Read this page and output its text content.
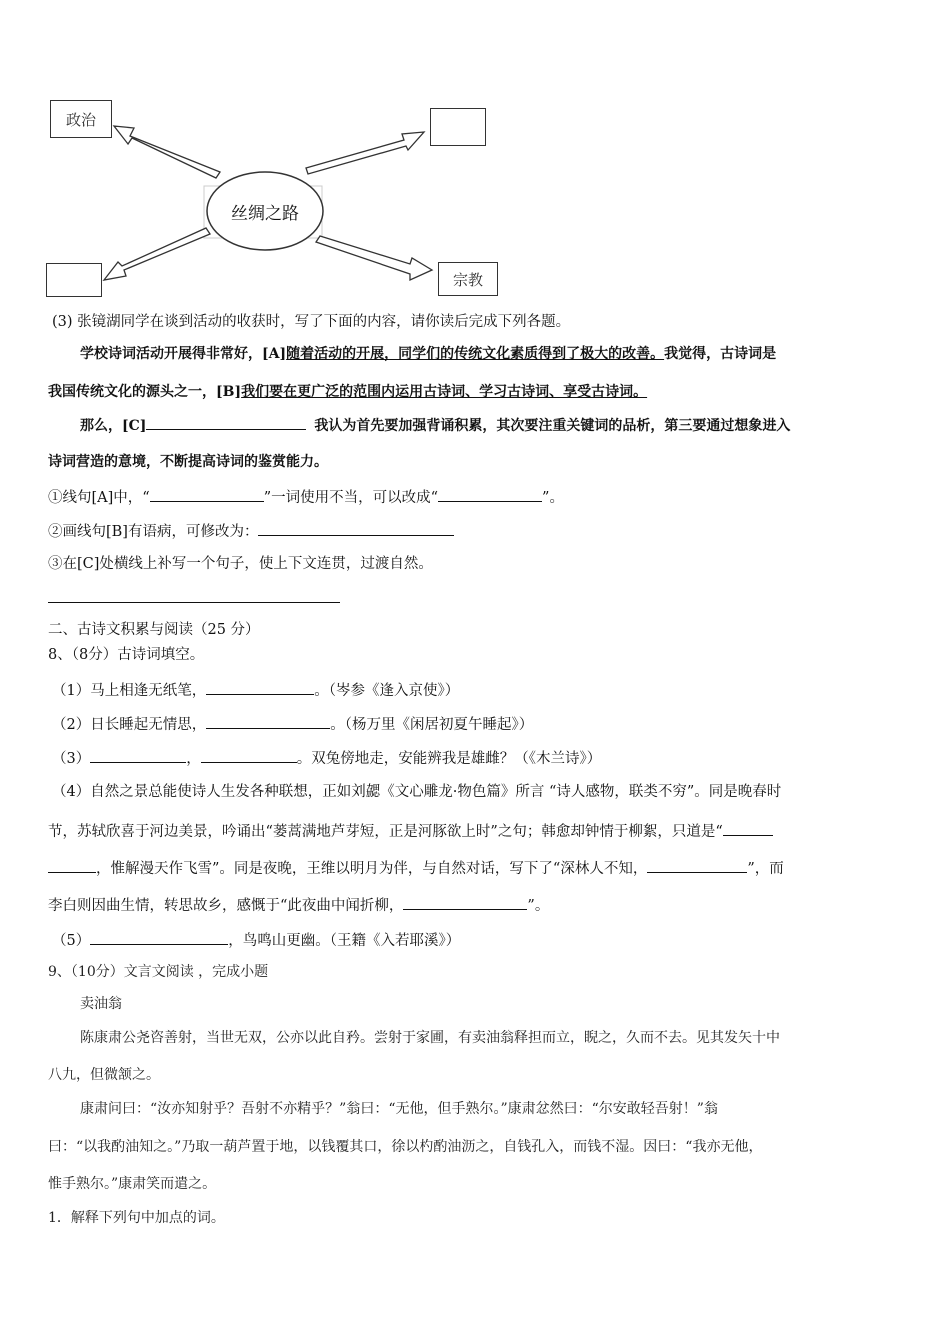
政治
宗教
丝绸之路
(3) 张镜湖同学在谈到活动的收获时，写了下面的内容，请你读后完成下列各题。
学校诗词活动开展得非常好，[A]随着活动的开展，同学们的传统文化素质得到了极大的改善。我觉得，古诗词是
我国传统文化的源头之一，[B]我们要在更广泛的范围内运用古诗词、学习古诗词、享受古诗词。
那么，[C]	我认为首先要加强背诵积累，其次要注重关键词的品析，第三要通过想象进入
诗词营造的意境，不断提高诗词的鉴赏能力。
①线句[A]中，“	”一词使用不当，可以改成“	”。
②画线句[B]有语病，可修改为：
③在[C]处横线上补写一个句子，使上下文连贯，过渡自然。
二、古诗文积累与阅读（25 分）
8、（8分）古诗词填空。
（1）马上相逢无纸笔，	。（岑参《逢入京使》）
（2）日长睡起无情思，	。（杨万里《闲居初夏午睡起》）
（3）	，	。双兔傍地走，安能辨我是雄雌？（《木兰诗》）
（4）自然之景总能使诗人生发各种联想，正如刘勰《文心雕龙·物色篇》所言 “诗人感物，联类不穷”。同是晚春时
节，苏轼欣喜于河边美景，吟诵出“蒌蒿满地芦芽短，正是河豚欲上时”之句；韩愈却钟情于柳絮，只道是“
，惟解漫天作飞雪”。同是夜晚，王维以明月为伴，与自然对话，写下了“深林人不知，	”，而
李白则因曲生情，转思故乡，感慨于“此夜曲中闻折柳，	”。
（5）	，鸟鸣山更幽。（王籍《入若耶溪》）
9、（10分）文言文阅读 ，完成小题
卖油翁
陈康肃公尧咨善射，当世无双，公亦以此自矜。尝射于家圃，有卖油翁释担而立，睨之，久而不去。见其发矢十中
八九，但微颔之。
康肃问曰：“汝亦知射乎？吾射不亦精乎？”翁曰：“无他，但手熟尔。”康肃忿然曰：“尔安敢轻吾射！”翁
曰：“以我酌油知之。”乃取一葫芦置于地，以钱覆其口，徐以杓酌油沥之，自钱孔入，而钱不湿。因曰：“我亦无他，
惟手熟尔。”康肃笑而遣之。
1．解释下列句中加点的词。
